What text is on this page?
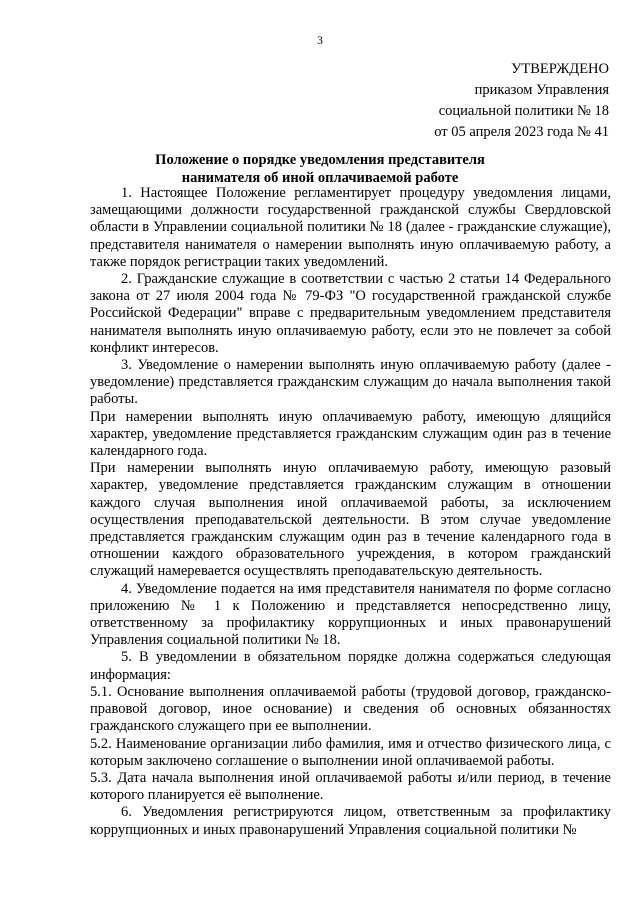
3
УТВЕРЖДЕНО
приказом Управления
социальной политики № 18
от 05 апреля 2023 года № 41
Положение о порядке уведомления представителя
нанимателя об иной оплачиваемой работе

1. Настоящее Положение регламентирует процедуру уведомления лицами, замещающими должности государственной гражданской службы Свердловской области в Управлении социальной политики № 18 (далее - гражданские служащие), представителя нанимателя о намерении выполнять иную оплачиваемую работу, а также порядок регистрации таких уведомлений.

2. Гражданские служащие в соответствии с частью 2 статьи 14 Федерального закона от 27 июля 2004 года № 79-ФЗ "О государственной гражданской службе Российской Федерации" вправе с предварительным уведомлением представителя нанимателя выполнять иную оплачиваемую работу, если это не повлечет за собой конфликт интересов.

3. Уведомление о намерении выполнять иную оплачиваемую работу (далее - уведомление) представляется гражданским служащим до начала выполнения такой работы.

При намерении выполнять иную оплачиваемую работу, имеющую длящийся характер, уведомление представляется гражданским служащим один раз в течение календарного года.

При намерении выполнять иную оплачиваемую работу, имеющую разовый характер, уведомление представляется гражданским служащим в отношении каждого случая выполнения иной оплачиваемой работы, за исключением осуществления преподавательской деятельности. В этом случае уведомление представляется гражданским служащим один раз в течение календарного года в отношении каждого образовательного учреждения, в котором гражданский служащий намеревается осуществлять преподавательскую деятельность.

4. Уведомление подается на имя представителя нанимателя по форме согласно приложению № 1 к Положению и представляется непосредственно лицу, ответственному за профилактику коррупционных и иных правонарушений Управления социальной политики № 18.

5. В уведомлении в обязательном порядке должна содержаться следующая информация:

5.1. Основание выполнения оплачиваемой работы (трудовой договор, гражданско-правовой договор, иное основание) и сведения об основных обязанностях гражданского служащего при ее выполнении.

5.2. Наименование организации либо фамилия, имя и отчество физического лица, с которым заключено соглашение о выполнении иной оплачиваемой работы.

5.3. Дата начала выполнения иной оплачиваемой работы и/или период, в течение которого планируется её выполнение.

6. Уведомления регистрируются лицом, ответственным за профилактику коррупционных и иных правонарушений Управления социальной политики №
